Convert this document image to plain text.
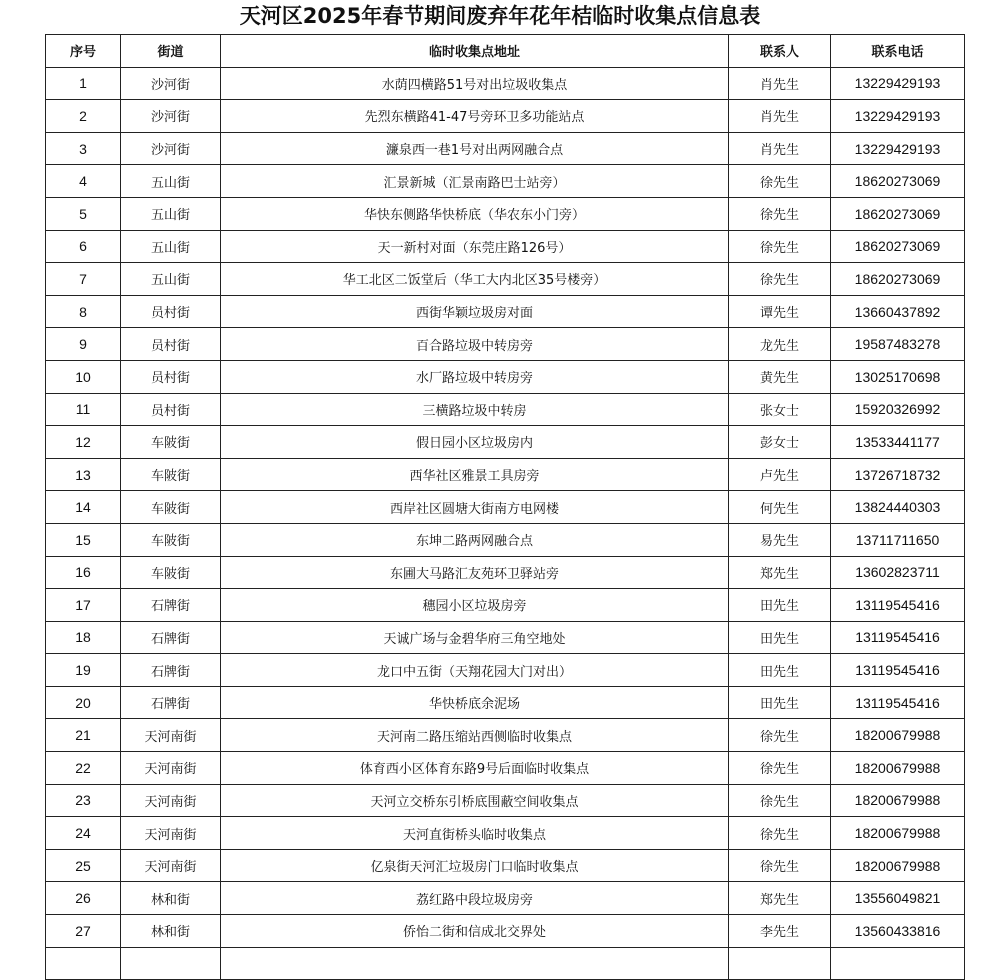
天河区2025年春节期间废弃年花年桔临时收集点信息表
序号	街道	临时收集点地址	联系人	联系电话
1	沙河街	水荫四横路51号对出垃圾收集点	肖先生	13229429193
2	沙河街	先烈东横路41-47号旁环卫多功能站点	肖先生	13229429193
3	沙河街	濂泉西一巷1号对出两网融合点	肖先生	13229429193
4	五山街	汇景新城（汇景南路巴士站旁）	徐先生	18620273069
5	五山街	华快东侧路华快桥底（华农东小门旁）	徐先生	18620273069
6	五山街	天一新村对面（东莞庄路126号）	徐先生	18620273069
7	五山街	华工北区二饭堂后（华工大内北区35号楼旁）	徐先生	18620273069
8	员村街	西街华颖垃圾房对面	谭先生	13660437892
9	员村街	百合路垃圾中转房旁	龙先生	19587483278
10	员村街	水厂路垃圾中转房旁	黄先生	13025170698
11	员村街	三横路垃圾中转房	张女士	15920326992
12	车陂街	假日园小区垃圾房内	彭女士	13533441177
13	车陂街	西华社区雅景工具房旁	卢先生	13726718732
14	车陂街	西岸社区圆塘大街南方电网楼	何先生	13824440303
15	车陂街	东坤二路两网融合点	易先生	13711711650
16	车陂街	东圃大马路汇友苑环卫驿站旁	郑先生	13602823711
17	石牌街	穗园小区垃圾房旁	田先生	13119545416
18	石牌街	天诚广场与金碧华府三角空地处	田先生	13119545416
19	石牌街	龙口中五街（天翔花园大门对出）	田先生	13119545416
20	石牌街	华快桥底余泥场	田先生	13119545416
21	天河南街	天河南二路压缩站西侧临时收集点	徐先生	18200679988
22	天河南街	体育西小区体育东路9号后面临时收集点	徐先生	18200679988
23	天河南街	天河立交桥东引桥底围蔽空间收集点	徐先生	18200679988
24	天河南街	天河直街桥头临时收集点	徐先生	18200679988
25	天河南街	亿泉街天河汇垃圾房门口临时收集点	徐先生	18200679988
26	林和街	荔红路中段垃圾房旁	郑先生	13556049821
27	林和街	侨怡二街和信成北交界处	李先生	13560433816
